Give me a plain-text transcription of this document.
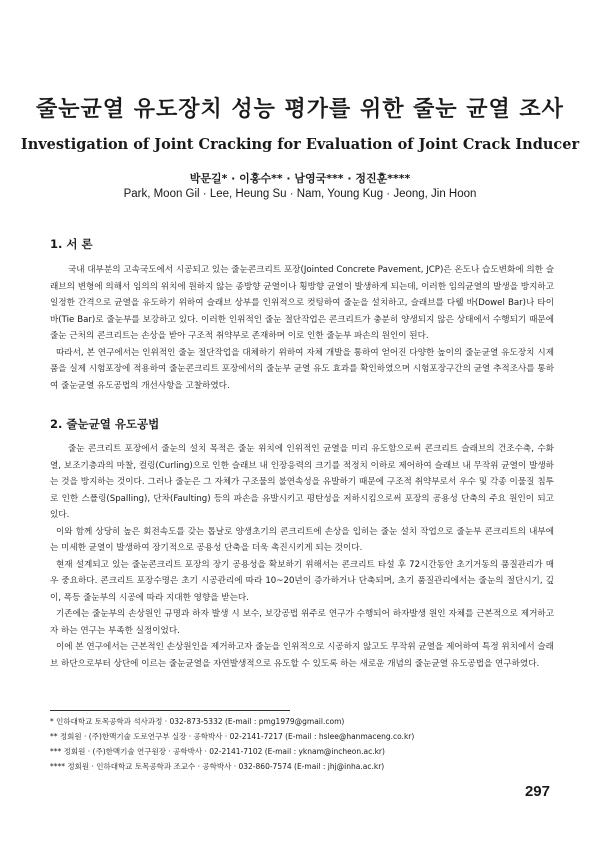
줄눈균열 유도장치 성능 평가를 위한 줄눈 균열 조사
Investigation of Joint Cracking for Evaluation of Joint Crack Inducer
박문길* · 이홍수** · 남영국*** · 정진훈****
Park, Moon Gil · Lee, Heung Su · Nam, Young Kug · Jeong, Jin Hoon
1. 서 론

국내 대부분의 고속국도에서 시공되고 있는 줄눈콘크리트 포장(Jointed Concrete Pavement, JCP)은 온도나 습도변화에 의한 슬래브의 변형에 의해서 임의의 위치에 원하지 않는 종방향 균열이나 횡방향 균열이 발생하게 되는데, 이러한 임의균열의 발생을 방지하고 일정한 간격으로 균열을 유도하기 위하여 슬래브 상부를 인위적으로 컷팅하여 줄눈을 설치하고, 슬래브를 다웰 바(Dowel Bar)나 타이 바(Tie Bar)로 줄눈부를 보강하고 있다. 이러한 인위적인 줄눈 절단작업은 콘크리트가 충분히 양생되지 않은 상태에서 수행되기 때문에 줄눈 근처의 콘크리트는 손상을 받아 구조적 취약부로 존재하며 이로 인한 줄눈부 파손의 원인이 된다.

따라서, 본 연구에서는 인위적인 줄눈 절단작업을 대체하기 위하여 자체 개발을 통하여 얻어진 다양한 높이의 줄눈균열 유도장치 시제품을 실제 시험포장에 적용하여 줄눈콘크리트 포장에서의 줄눈부 균열 유도 효과를 확인하였으며 시험포장구간의 균열 추적조사를 통하여 줄눈균열 유도공법의 개선사항을 고찰하였다.

2. 줄눈균열 유도공법

줄눈 콘크리트 포장에서 줄눈의 설치 목적은 줄눈 위치에 인위적인 균열을 미리 유도함으로써 콘크리트 슬래브의 건조수축, 수화열, 보조기층과의 마찰, 컬링(Curling)으로 인한 슬래브 내 인장응력의 크기를 적정치 이하로 제어하여 슬래브 내 무작위 균열이 발생하는 것을 방지하는 것이다. 그러나 줄눈은 그 자체가 구조물의 불연속성을 유발하기 때문에 구조적 취약부로서 우수 및 각종 이물질 침투로 인한 스폴링(Spalling), 단차(Faulting) 등의 파손을 유발시키고 평탄성을 저하시킴으로써 포장의 공용성 단축의 주요 원인이 되고 있다.

이와 함께 상당히 높은 회전속도를 갖는 톱날로 양생초기의 콘크리트에 손상을 입히는 줄눈 설치 작업으로 줄눈부 콘크리트의 내부에는 미세한 균열이 발생하여 장기적으로 공용성 단축을 더욱 촉진시키게 되는 것이다.

현재 설계되고 있는 줄눈콘크리트 포장의 장기 공용성을 확보하기 위해서는 콘크리트 타설 후 72시간동안 초기거동의 품질관리가 매우 중요하다. 콘크리트 포장수명은 초기 시공관리에 따라 10~20년이 증가하거나 단축되며, 초기 품질관리에서는 줄눈의 절단시기, 깊이, 폭등 줄눈부의 시공에 따라 지대한 영향을 받는다.

기존에는 줄눈부의 손상원인 규명과 하자 발생 시 보수, 보강공법 위주로 연구가 수행되어 하자발생 원인 자체를 근본적으로 제거하고자 하는 연구는 부족한 실정이었다.

이에 본 연구에서는 근본적인 손상원인을 제거하고자 줄눈을 인위적으로 시공하지 않고도 무작위 균열을 제어하여 특정 위치에서 슬래브 하단으로부터 상단에 이르는 줄눈균열을 자연발생적으로 유도할 수 있도록 하는 새로운 개념의 줄눈균열 유도공법을 연구하였다.

* 인하대학교 토목공학과 석사과정 · 032-873-5332 (E-mail : pmg1979@gmail.com)
** 정회원 · (주)한맥기술 도로연구부 실장 · 공학박사 · 02-2141-7217 (E-mail : hslee@hanmaceng.co.kr)
*** 정회원 · (주)한맥기술 연구원장 · 공학박사 · 02-2141-7102 (E-mail : yknam@incheon.ac.kr)
**** 정회원 · 인하대학교 토목공학과 조교수 · 공학박사 · 032-860-7574 (E-mail : jhj@inha.ac.kr)
297
